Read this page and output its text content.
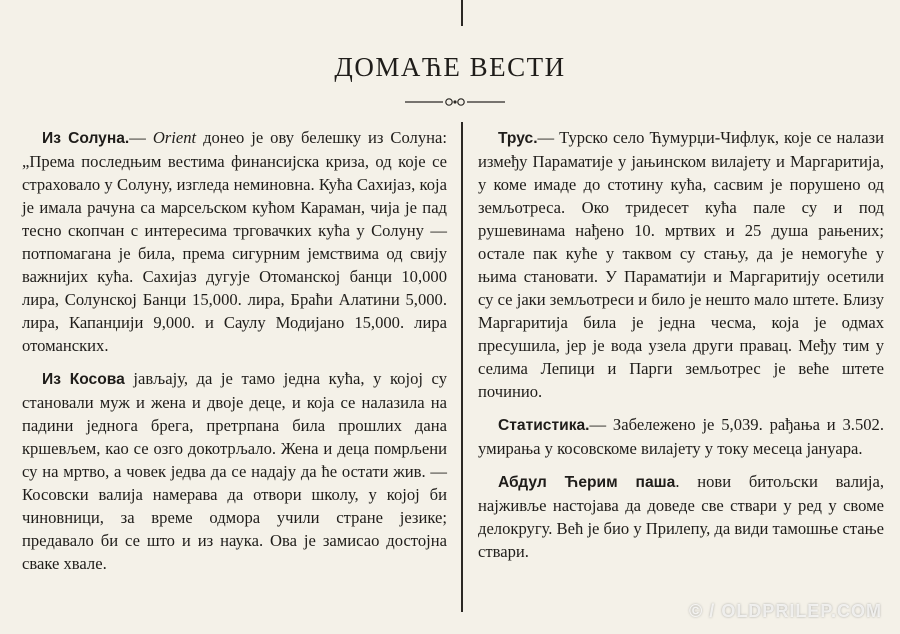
ДОМАЋЕ ВЕСТИ

Из Солуна.— Orient донео је ову белешку из Солуна: „Према последњим вестима финансијска криза, од које се страховало у Солуну, изгледа неминовна. Кућа Сахијаз, која је имала рачуна са марсељском кућом Караман, чија је пад тесно скопчан с интересима трговачких кућа у Солуну — потпомагана је била, према сигурним јемствима од свију важнијих кућа. Сахијаз дугује Отоманској банци 10,000 лира, Солунској Банци 15,000. лира, Браћи Алатини 5,000. лира, Капанџији 9,000. и Саулу Модијано 15,000. лира отоманских.

Из Косова јављају, да је тамо једна кућа, у којој су становали муж и жена и двоје деце, и која се налазила на падини једнога брега, претрпана била прошлих дана кршевљем, као се озго докотрљало. Жена и деца помрљени су на мртво, а човек једва да се надају да ће остати жив. — Косовски валија намерава да отвори школу, у којој би чиновници, за време одмора учили стране језике; предавало би се што и из наука. Ова је замисао достојна сваке хвале.

Трус.— Турско село Ћумурџи-Чифлук, које се налази између Параматије у јањинском вилајету и Маргаритија, у коме имаде до стотину кућа, сасвим је порушено од земљотреса. Око тридесет кућа пале су и под рушевинама нађено 10. мртвих и 25 душа рањених; остале пак куће у таквом су стању, да је немогуће у њима становати. У Параматији и Маргаритију осетили су се јаки земљотреси и било је нешто мало штете. Близу Маргаритија била је једна чесма, која је одмах пресушила, јер је вода узела други правац. Међу тим у селима Лепици и Парги земљотрес је веће штете починио.

Статистика.— Забележено је 5,039. рађања и 3.502. умирања у косовскоме вилајету у току месеца јануара.

Абдул Ћерим паша. нови битољски валија, најживље настојава да доведе све ствари у ред у своме делокругу. Већ је био у Прилепу, да види тамошње стање ствари.

© / OLDPRILEP.COM
